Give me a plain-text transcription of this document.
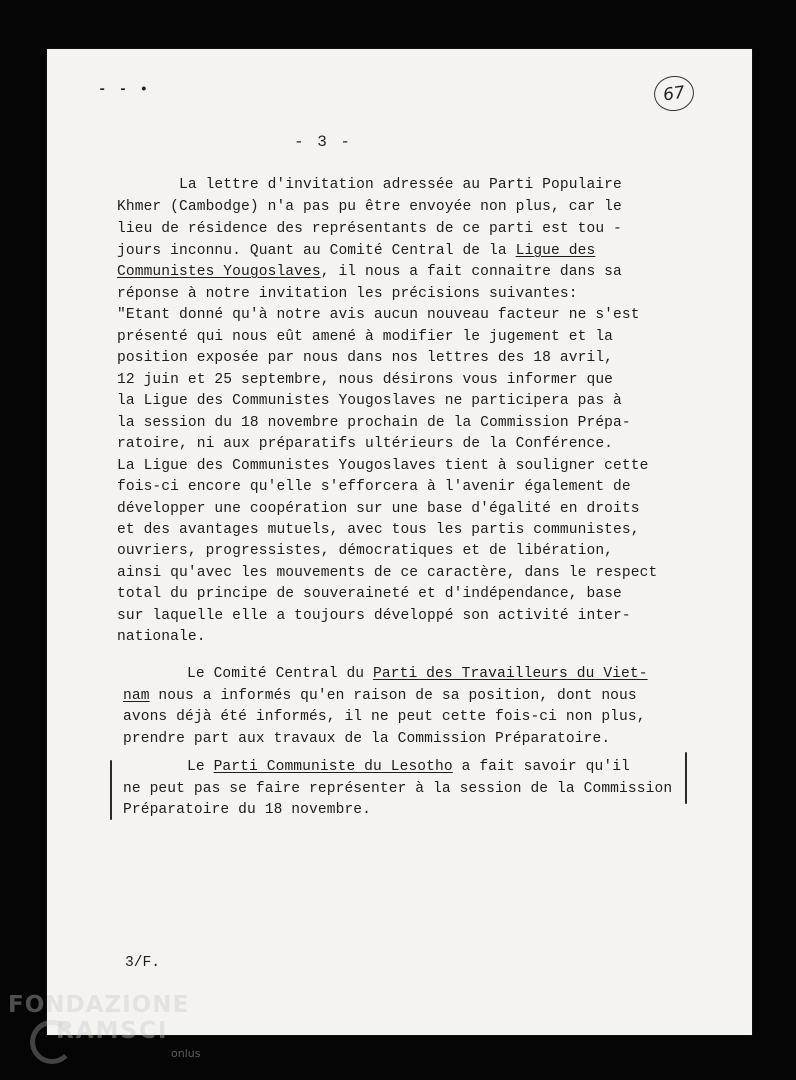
- - •	67
- 3 -
La lettre d'invitation adressée au Parti Populaire
Khmer (Cambodge) n'a pas pu être envoyée non plus, car le
lieu de résidence des représentants de ce parti est tou -
jours inconnu. Quant au Comité Central de la Ligue des
Communistes Yougoslaves, il nous a fait connaitre dans sa
réponse à notre invitation les précisions suivantes:
"Etant donné qu'à notre avis aucun nouveau facteur ne s'est
présenté qui nous eût amené à modifier le jugement et la
position exposée par nous dans nos lettres des 18 avril,
12 juin et 25 septembre, nous désirons vous informer que
la Ligue des Communistes Yougoslaves ne participera pas à
la session du 18 novembre prochain de la Commission Prépa-
ratoire, ni aux préparatifs ultérieurs de la Conférence.
La Ligue des Communistes Yougoslaves tient à souligner cette
fois-ci encore qu'elle s'efforcera à l'avenir également de
développer une coopération sur une base d'égalité en droits
et des avantages mutuels, avec tous les partis communistes,
ouvriers, progressistes, démocratiques et de libération,
ainsi qu'avec les mouvements de ce caractère, dans le respect
total du principe de souveraineté et d'indépendance, base
sur laquelle elle a toujours développé son activité inter-
nationale.
Le Comité Central du Parti des Travailleurs du Viet-
nam nous a informés qu'en raison de sa position, dont nous
avons déjà été informés, il ne peut cette fois-ci non plus,
prendre part aux travaux de la Commission Préparatoire.
Le Parti Communiste du Lesotho a fait savoir qu'il
ne peut pas se faire représenter à la session de la Commission
Préparatoire du 18 novembre.
3/F.
FONDAZIONE
RAMSCI
onlus
